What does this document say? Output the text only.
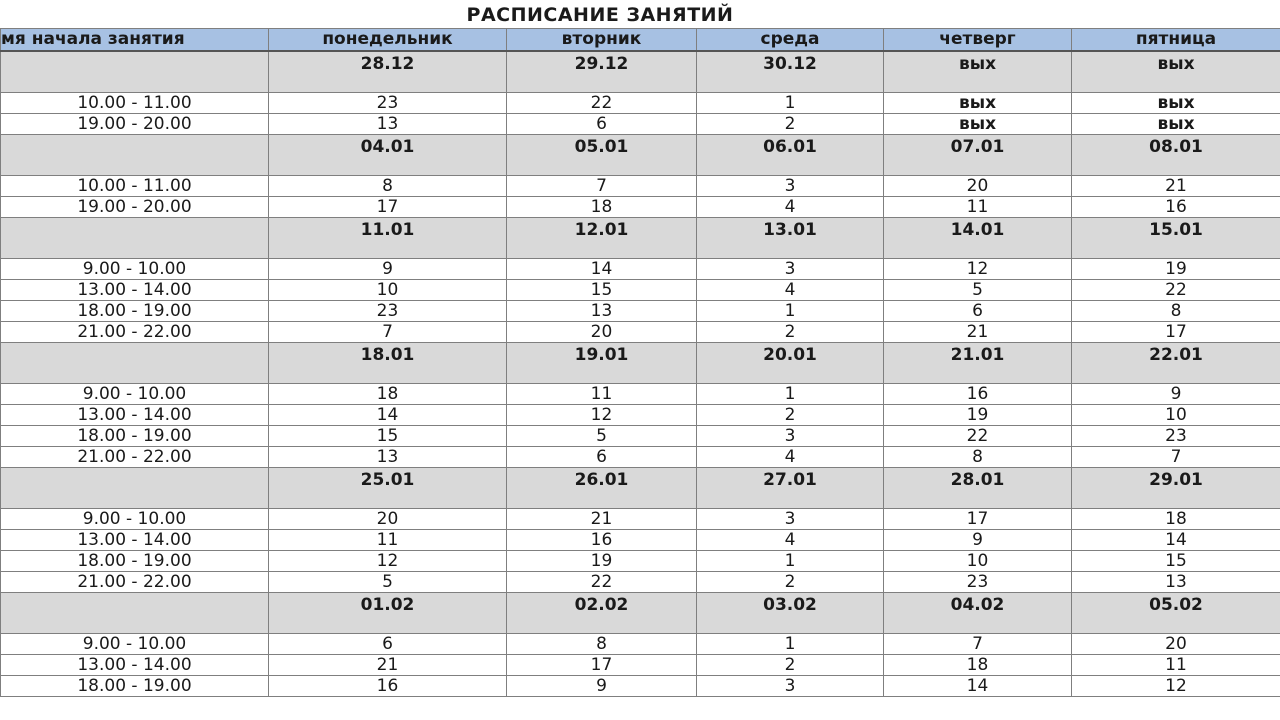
РАСПИСАНИЕ ЗАНЯТИЙ
мя начала занятия	понедельник	вторник	среда	четверг	пятница
	28.12	29.12	30.12	вых	вых
10.00 - 11.00	23	22	1	вых	вых
19.00 - 20.00	13	6	2	вых	вых
	04.01	05.01	06.01	07.01	08.01
10.00 - 11.00	8	7	3	20	21
19.00 - 20.00	17	18	4	11	16
	11.01	12.01	13.01	14.01	15.01
9.00 - 10.00	9	14	3	12	19
13.00 - 14.00	10	15	4	5	22
18.00 - 19.00	23	13	1	6	8
21.00 - 22.00	7	20	2	21	17
	18.01	19.01	20.01	21.01	22.01
9.00 - 10.00	18	11	1	16	9
13.00 - 14.00	14	12	2	19	10
18.00 - 19.00	15	5	3	22	23
21.00 - 22.00	13	6	4	8	7
	25.01	26.01	27.01	28.01	29.01
9.00 - 10.00	20	21	3	17	18
13.00 - 14.00	11	16	4	9	14
18.00 - 19.00	12	19	1	10	15
21.00 - 22.00	5	22	2	23	13
	01.02	02.02	03.02	04.02	05.02
9.00 - 10.00	6	8	1	7	20
13.00 - 14.00	21	17	2	18	11
18.00 - 19.00	16	9	3	14	12
